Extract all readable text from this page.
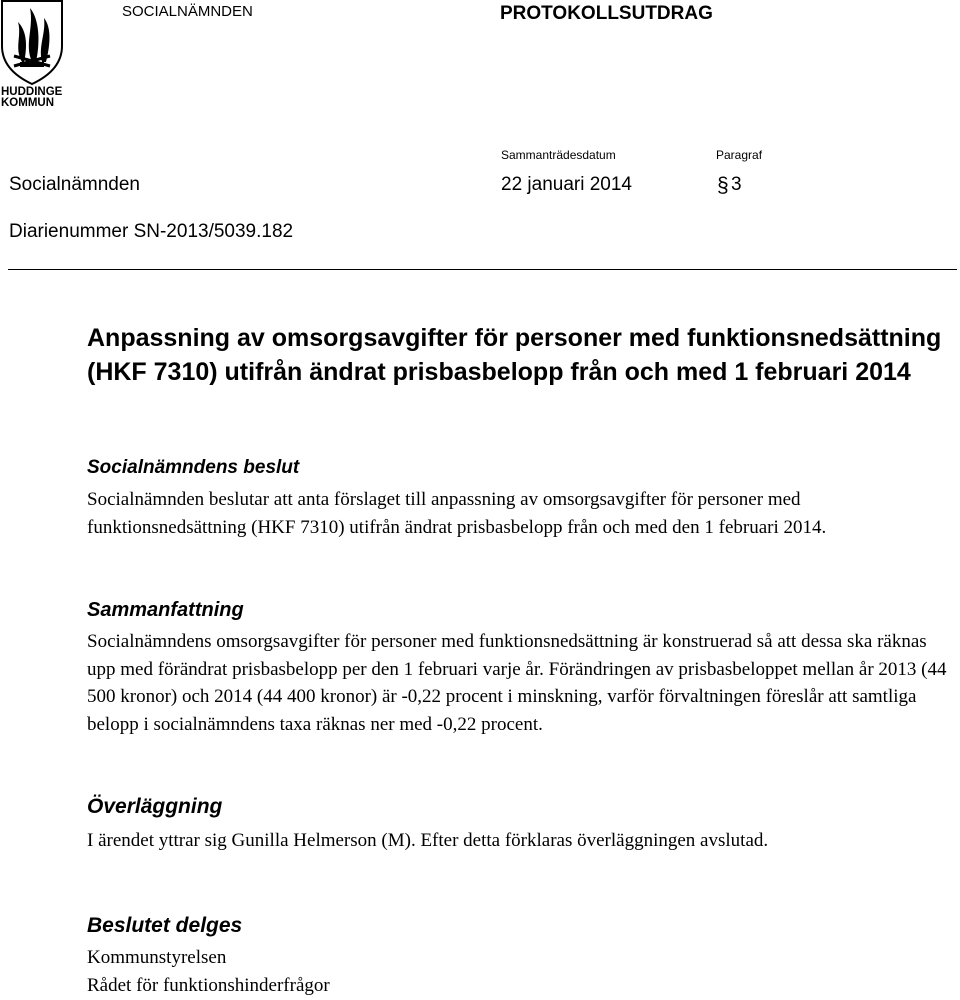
HUDDINGE
KOMMUN
SOCIALNÄMNDEN	PROTOKOLLSUTDRAG
Sammanträdesdatum	Paragraf
Socialnämnden	22 januari 2014	§ 3
Diarienummer SN-2013/5039.182
Anpassning av omsorgsavgifter för personer med funktionsnedsättning (HKF 7310) utifrån ändrat prisbasbelopp från och med 1 februari 2014
Socialnämndens beslut

Socialnämnden beslutar att anta förslaget till anpassning av omsorgsavgifter för personer med funktionsnedsättning (HKF 7310) utifrån ändrat prisbasbelopp från och med den 1 februari 2014.

Sammanfattning

Socialnämndens omsorgsavgifter för personer med funktionsnedsättning är konstruerad så att dessa ska räknas upp med förändrat prisbasbelopp per den 1 februari varje år. Förändringen av prisbasbeloppet mellan år 2013 (44 500 kronor) och 2014 (44 400 kronor) är -0,22 procent i minskning, varför förvaltningen föreslår att samtliga belopp i socialnämndens taxa räknas ner med -0,22 procent.

Överläggning

I ärendet yttrar sig Gunilla Helmerson (M). Efter detta förklaras överläggningen avslutad.

Beslutet delges
Kommunstyrelsen
Rådet för funktionshinderfrågor
